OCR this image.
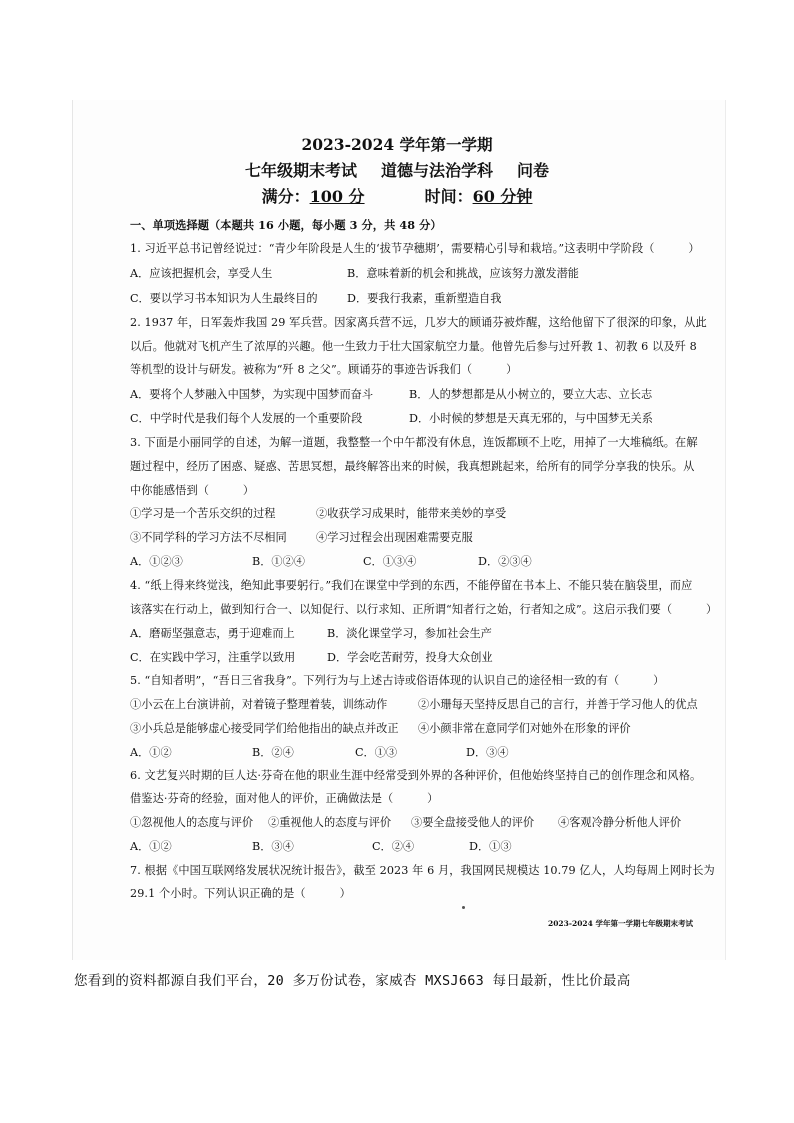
2023-2024 学年第一学期
七年级期末考试 道德与法治学科 问卷
满分：100 分	时间：60 分钟
一、单项选择题（本题共 16 小题，每小题 3 分，共 48 分）
1. 习近平总书记曾经说过：“青少年阶段是人生的‘拔节孕穗期’，需要精心引导和栽培。”这表明中学阶段（　　　）
A．应该把握机会，享受人生	B．意味着新的机会和挑战，应该努力激发潜能
C．要以学习书本知识为人生最终目的	D．要我行我素，重新塑造自我
2. 1937 年，日军轰炸我国 29 军兵营。因家离兵营不远，几岁大的顾诵芬被炸醒，这给他留下了很深的印象，从此
以后。他就对飞机产生了浓厚的兴趣。他一生致力于壮大国家航空力量。他曾先后参与过歼教 1、初教 6 以及歼 8
等机型的设计与研发。被称为“歼 8 之父”。顾诵芬的事迹告诉我们（　　　）
A．要将个人梦融入中国梦，为实现中国梦而奋斗	B．人的梦想都是从小树立的，要立大志、立长志
C．中学时代是我们每个人发展的一个重要阶段	D．小时候的梦想是天真无邪的，与中国梦无关系
3. 下面是小丽同学的自述，为解一道题，我整整一个中午都没有休息，连饭都顾不上吃，用掉了一大堆稿纸。在解
题过程中，经历了困惑、疑惑、苦思冥想，最终解答出来的时候，我真想跳起来，给所有的同学分享我的快乐。从
中你能感悟到（　　　）
①学习是一个苦乐交织的过程	②收获学习成果时，能带来美妙的享受
③不同学科的学习方法不尽相同	④学习过程会出现困难需要克服
A．①②③	B．①②④	C．①③④	D．②③④
4. “纸上得来终觉浅，绝知此事要躬行。”我们在课堂中学到的东西，不能停留在书本上、不能只装在脑袋里，而应
该落实在行动上，做到知行合一、以知促行、以行求知、正所谓“知者行之始，行者知之成”。这启示我们要（　　　）
A．磨砺坚强意志，勇于迎难而上	B．淡化课堂学习，参加社会生产
C．在实践中学习，注重学以致用	D．学会吃苦耐劳，投身大众创业
5. “自知者明”，“吾日三省我身”。下列行为与上述古诗或俗语体现的认识自己的途径相一致的有（　　　）
①小云在上台演讲前，对着镜子整理着装，训练动作	②小珊每天坚持反思自己的言行，并善于学习他人的优点
③小兵总是能够虚心接受同学们给他指出的缺点并改正 ④小颜非常在意同学们对她外在形象的评价
A．①②	B．②④	C．①③	D．③④
6. 文艺复兴时期的巨人达·芬奇在他的职业生涯中经常受到外界的各种评价，但他始终坚持自己的创作理念和风格。
借鉴达·芬奇的经验，面对他人的评价，正确做法是（　　　）
①忽视他人的态度与评价 ②重视他人的态度与评价 ③要全盘接受他人的评价 ④客观冷静分析他人评价
A．①②	B．③④	C．②④	D．①③
7. 根据《中国互联网络发展状况统计报告》，截至 2023 年 6 月，我国网民规模达 10.79 亿人，人均每周上网时长为
29.1 个小时。下列认识正确的是（　　　）
2023-2024 学年第一学期七年级期末考试
您看到的资料都源自我们平台，20 多万份试卷，家威杏 MXSJ663 每日最新，性比价最高
